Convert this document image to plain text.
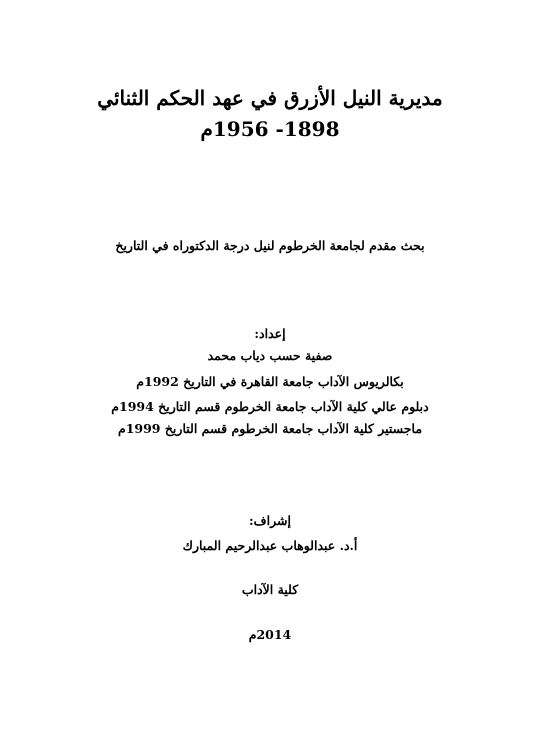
مديرية النيل الأزرق في عهد الحكم الثنائي
1898- 1956م
بحث مقدم لجامعة الخرطوم لنيل درجة الدكتوراه في التاريخ
إعداد:
صفية حسب دياب محمد
بكالريوس الآداب جامعة القاهرة في التاريخ 1992م
دبلوم عالي كلية الآداب جامعة الخرطوم قسم التاريخ 1994م
ماجستير كلية الآداب جامعة الخرطوم قسم التاريخ 1999م
إشراف:
أ.د. عبدالوهاب عبدالرحيم المبارك
كلية الآداب
2014م
